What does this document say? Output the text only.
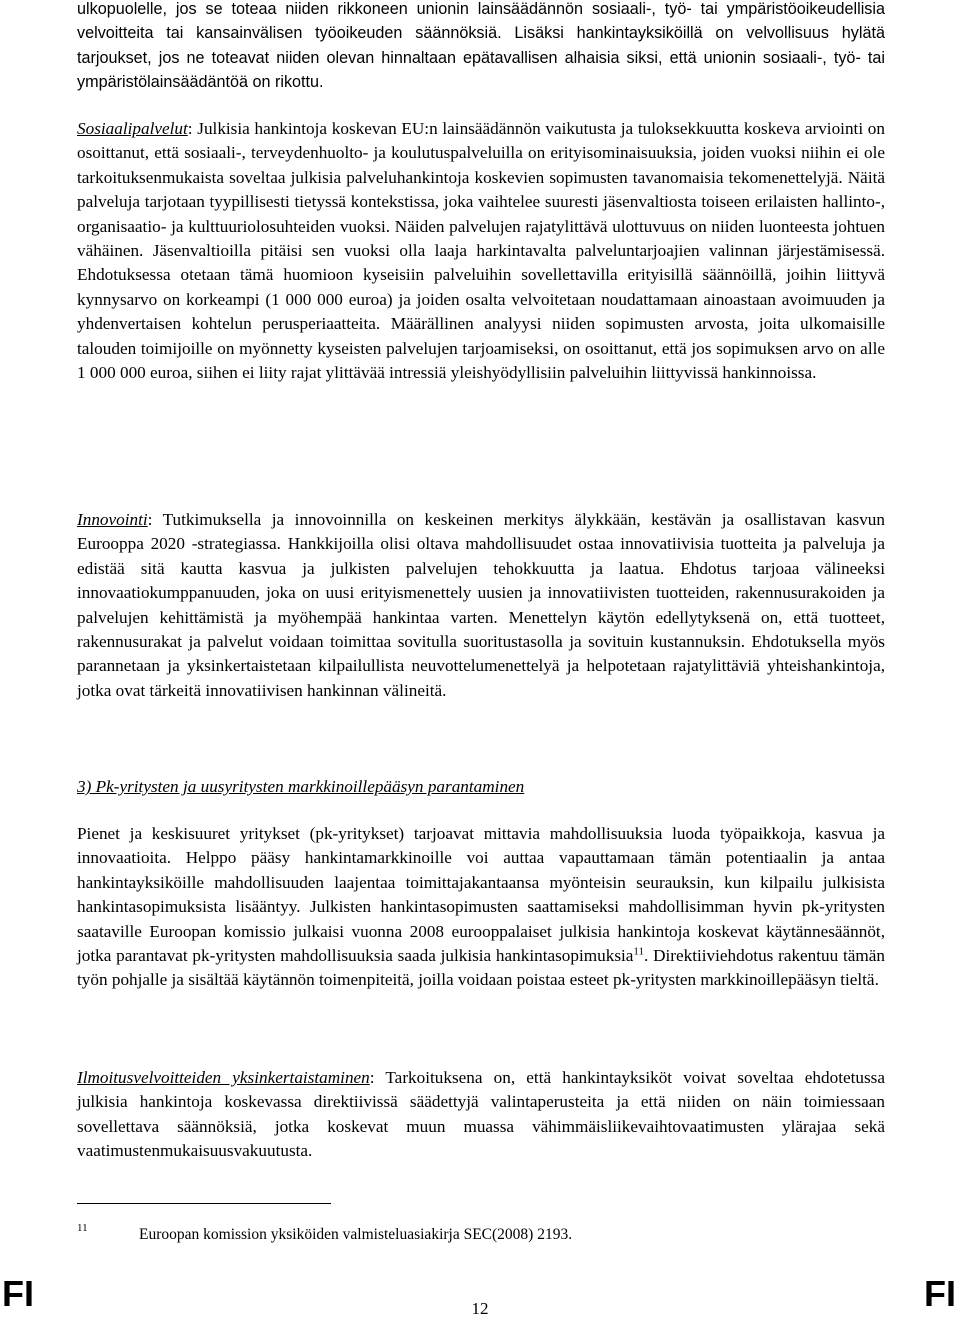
ulkopuolelle, jos se toteaa niiden rikkoneen unionin lainsäädännön sosiaali-, työ- tai ympäristöoikeudellisia velvoitteita tai kansainvälisen työoikeuden säännöksiä. Lisäksi hankintayksiköillä on velvollisuus hylätä tarjoukset, jos ne toteavat niiden olevan hinnaltaan epätavallisen alhaisia siksi, että unionin sosiaali-, työ- tai ympäristölainsäädäntöä on rikottu.

Sosiaalipalvelut: Julkisia hankintoja koskevan EU:n lainsäädännön vaikutusta ja tuloksekkuutta koskeva arviointi on osoittanut, että sosiaali-, terveydenhuolto- ja koulutuspalveluilla on erityisominaisuuksia, joiden vuoksi niihin ei ole tarkoituksenmukaista soveltaa julkisia palveluhankintoja koskevien sopimusten tavanomaisia tekomenettelyjä. Näitä palveluja tarjotaan tyypillisesti tietyssä kontekstissa, joka vaihtelee suuresti jäsenvaltiosta toiseen erilaisten hallinto-, organisaatio- ja kulttuuriolosuhteiden vuoksi. Näiden palvelujen rajatylittävä ulottuvuus on niiden luonteesta johtuen vähäinen. Jäsenvaltioilla pitäisi sen vuoksi olla laaja harkintavalta palveluntarjoajien valinnan järjestämisessä. Ehdotuksessa otetaan tämä huomioon kyseisiin palveluihin sovellettavilla erityisillä säännöillä, joihin liittyvä kynnysarvo on korkeampi (1 000 000 euroa) ja joiden osalta velvoitetaan noudattamaan ainoastaan avoimuuden ja yhdenvertaisen kohtelun perusperiaatteita. Määrällinen analyysi niiden sopimusten arvosta, joita ulkomaisille talouden toimijoille on myönnetty kyseisten palvelujen tarjoamiseksi, on osoittanut, että jos sopimuksen arvo on alle 1 000 000 euroa, siihen ei liity rajat ylittävää intressiä yleishyödyllisiin palveluihin liittyvissä hankinnoissa.

Innovointi: Tutkimuksella ja innovoinnilla on keskeinen merkitys älykkään, kestävän ja osallistavan kasvun Eurooppa 2020 -strategiassa. Hankkijoilla olisi oltava mahdollisuudet ostaa innovatiivisia tuotteita ja palveluja ja edistää sitä kautta kasvua ja julkisten palvelujen tehokkuutta ja laatua. Ehdotus tarjoaa välineeksi innovaatiokumppanuuden, joka on uusi erityismenettely uusien ja innovatiivisten tuotteiden, rakennusurakoiden ja palvelujen kehittämistä ja myöhempää hankintaa varten. Menettelyn käytön edellytyksenä on, että tuotteet, rakennusurakat ja palvelut voidaan toimittaa sovitulla suoritustasolla ja sovituin kustannuksin. Ehdotuksella myös parannetaan ja yksinkertaistetaan kilpailullista neuvottelumenettelyä ja helpotetaan rajatylittäviä yhteishankintoja, jotka ovat tärkeitä innovatiivisen hankinnan välineitä.

3) Pk-yritysten ja uusyritysten markkinoillepääsyn parantaminen

Pienet ja keskisuuret yritykset (pk-yritykset) tarjoavat mittavia mahdollisuuksia luoda työpaikkoja, kasvua ja innovaatioita. Helppo pääsy hankintamarkkinoille voi auttaa vapauttamaan tämän potentiaalin ja antaa hankintayksiköille mahdollisuuden laajentaa toimittajakantaansa myönteisin seurauksin, kun kilpailu julkisista hankintasopimuksista lisääntyy. Julkisten hankintasopimusten saattamiseksi mahdollisimman hyvin pk-yritysten saataville Euroopan komissio julkaisi vuonna 2008 eurooppalaiset julkisia hankintoja koskevat käytännesäännöt, jotka parantavat pk-yritysten mahdollisuuksia saada julkisia hankintasopimuksia$^{11}$. Direktiiviehdotus rakentuu tämän työn pohjalle ja sisältää käytännön toimenpiteitä, joilla voidaan poistaa esteet pk-yritysten markkinoillepääsyn tieltä.

Ilmoitusvelvoitteiden yksinkertaistaminen: Tarkoituksena on, että hankintayksiköt voivat soveltaa ehdotetussa julkisia hankintoja koskevassa direktiivissä säädettyjä valintaperusteita ja että niiden on näin toimiessaan sovellettava säännöksiä, jotka koskevat muun muassa vähimmäisliikevaihtovaatimusten ylärajaa sekä vaatimustenmukaisuusvakuutusta.

11	Euroopan komission yksiköiden valmisteluasiakirja SEC(2008) 2193.
FI	12	FI
